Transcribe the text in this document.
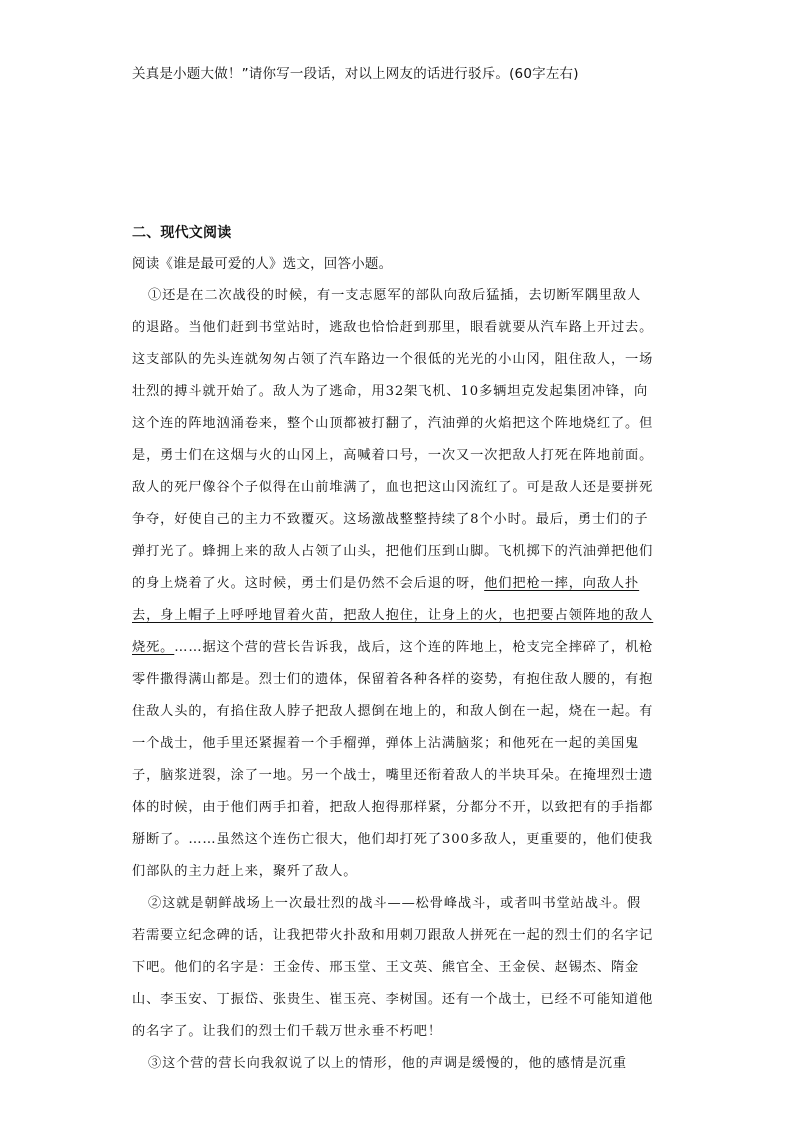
关真是小题大做！”请你写一段话，对以上网友的话进行驳斥。(60字左右)
二、现代文阅读
阅读《谁是最可爱的人》选文，回答小题。
①还是在二次战役的时候，有一支志愿军的部队向敌后猛插，去切断军隅里敌人
的退路。当他们赶到书堂站时，逃敌也恰恰赶到那里，眼看就要从汽车路上开过去。
这支部队的先头连就匆匆占领了汽车路边一个很低的光光的小山冈，阻住敌人，一场
壮烈的搏斗就开始了。敌人为了逃命，用32架飞机、10多辆坦克发起集团冲锋，向
这个连的阵地汹涌卷来，整个山顶都被打翻了，汽油弹的火焰把这个阵地烧红了。但
是，勇士们在这烟与火的山冈上，高喊着口号，一次又一次把敌人打死在阵地前面。
敌人的死尸像谷个子似得在山前堆满了，血也把这山冈流红了。可是敌人还是要拼死
争夺，好使自己的主力不致覆灭。这场激战整整持续了8个小时。最后，勇士们的子
弹打光了。蜂拥上来的敌人占领了山头，把他们压到山脚。飞机掷下的汽油弹把他们
的身上烧着了火。这时候，勇士们是仍然不会后退的呀，他们把枪一摔，向敌人扑
去，身上帽子上呼呼地冒着火苗，把敌人抱住，让身上的火，也把要占领阵地的敌人
烧死。……据这个营的营长告诉我，战后，这个连的阵地上，枪支完全摔碎了，机枪
零件撒得满山都是。烈士们的遗体，保留着各种各样的姿势，有抱住敌人腰的，有抱
住敌人头的，有掐住敌人脖子把敌人摁倒在地上的，和敌人倒在一起，烧在一起。有
一个战士，他手里还紧握着一个手榴弹，弹体上沾满脑浆；和他死在一起的美国鬼
子，脑浆迸裂，涂了一地。另一个战士，嘴里还衔着敌人的半块耳朵。在掩埋烈士遗
体的时候，由于他们两手扣着，把敌人抱得那样紧，分都分不开，以致把有的手指都
掰断了。……虽然这个连伤亡很大，他们却打死了300多敌人，更重要的，他们使我
们部队的主力赶上来，聚歼了敌人。
②这就是朝鲜战场上一次最壮烈的战斗——松骨峰战斗，或者叫书堂站战斗。假
若需要立纪念碑的话，让我把带火扑敌和用刺刀跟敌人拼死在一起的烈士们的名字记
下吧。他们的名字是：王金传、邢玉堂、王文英、熊官全、王金侯、赵锡杰、隋金
山、李玉安、丁振岱、张贵生、崔玉亮、李树国。还有一个战士，已经不可能知道他
的名字了。让我们的烈士们千载万世永垂不朽吧！
③这个营的营长向我叙说了以上的情形，他的声调是缓慢的，他的感情是沉重
